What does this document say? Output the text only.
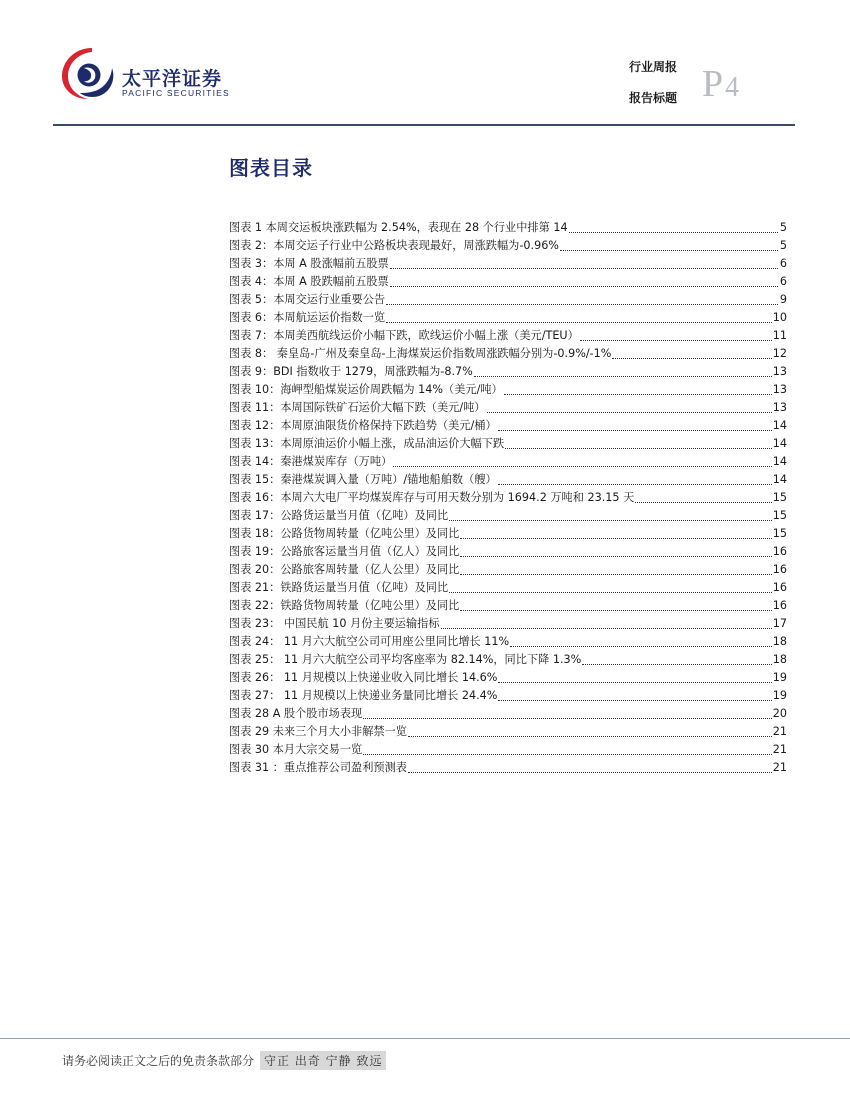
太平洋证券
PACIFIC SECURITIES
行业周报
报告标题 P4
图表目录
图表 1 本周交运板块涨跌幅为 2.54%，表现在 28 个行业中排第 14	5
图表 2：本周交运子行业中公路板块表现最好，周涨跌幅为-0.96%	5
图表 3：本周 A 股涨幅前五股票	6
图表 4：本周 A 股跌幅前五股票	6
图表 5：本周交运行业重要公告	9
图表 6：本周航运运价指数一览	10
图表 7：本周美西航线运价小幅下跌，欧线运价小幅上涨（美元/TEU）	11
图表 8： 秦皇岛-广州及秦皇岛-上海煤炭运价指数周涨跌幅分别为-0.9%/-1%	12
图表 9：BDI 指数收于 1279，周涨跌幅为-8.7%	13
图表 10：海岬型船煤炭运价周跌幅为 14%（美元/吨）	13
图表 11：本周国际铁矿石运价大幅下跌（美元/吨）	13
图表 12：本周原油限货价格保持下跌趋势（美元/桶）	14
图表 13：本周原油运价小幅上涨，成品油运价大幅下跌	14
图表 14：秦港煤炭库存（万吨）	14
图表 15：秦港煤炭调入量（万吨）/锚地船舶数（艘）	14
图表 16：本周六大电厂平均煤炭库存与可用天数分别为 1694.2 万吨和 23.15 天	15
图表 17：公路货运量当月值（亿吨）及同比	15
图表 18：公路货物周转量（亿吨公里）及同比	15
图表 19：公路旅客运量当月值（亿人）及同比	16
图表 20：公路旅客周转量（亿人公里）及同比	16
图表 21：铁路货运量当月值（亿吨）及同比	16
图表 22：铁路货物周转量（亿吨公里）及同比	16
图表 23： 中国民航 10 月份主要运输指标	17
图表 24： 11 月六大航空公司可用座公里同比增长 11%	18
图表 25： 11 月六大航空公司平均客座率为 82.14%，同比下降 1.3%	18
图表 26： 11 月规模以上快递业收入同比增长 14.6%	19
图表 27： 11 月规模以上快递业务量同比增长 24.4%	19
图表 28 A 股个股市场表现	20
图表 29 未来三个月大小非解禁一览	21
图表 30 本月大宗交易一览	21
图表 31 ：重点推荐公司盈利预测表	21
请务必阅读正文之后的免责条款部分 守正 出奇 宁静 致远
